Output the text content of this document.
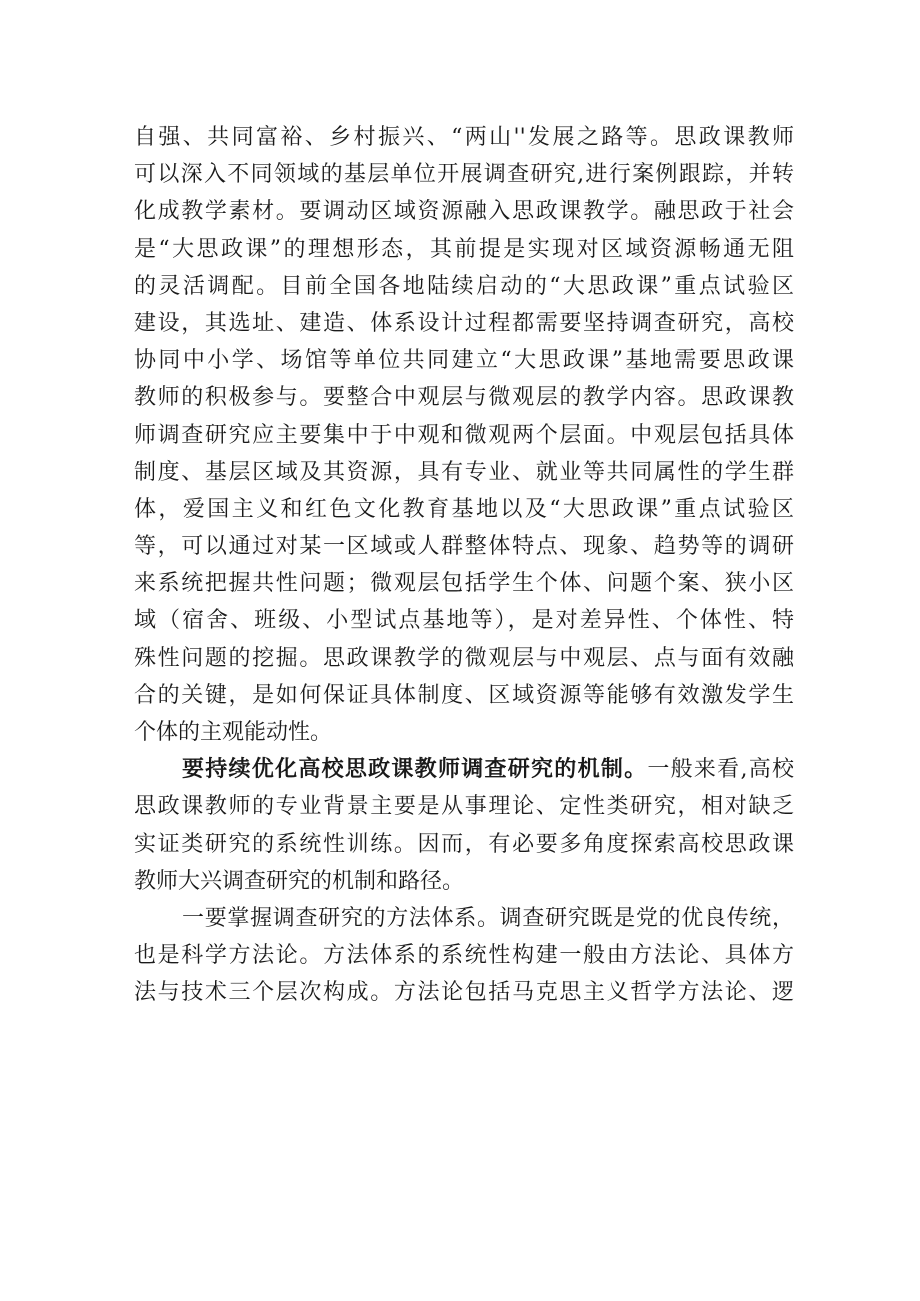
自强、共同富裕、乡村振兴、“两山''发展之路等。思政课教师
可以深入不同领域的基层单位开展调查研究,进行案例跟踪，并转
化成教学素材。要调动区域资源融入思政课教学。融思政于社会
是“大思政课”的理想形态，其前提是实现对区域资源畅通无阻
的灵活调配。目前全国各地陆续启动的“大思政课”重点试验区
建设，其选址、建造、体系设计过程都需要坚持调查研究，高校
协同中小学、场馆等单位共同建立“大思政课”基地需要思政课
教师的积极参与。要整合中观层与微观层的教学内容。思政课教
师调查研究应主要集中于中观和微观两个层面。中观层包括具体
制度、基层区域及其资源，具有专业、就业等共同属性的学生群
体，爱国主义和红色文化教育基地以及“大思政课”重点试验区
等，可以通过对某一区域或人群整体特点、现象、趋势等的调研
来系统把握共性问题；微观层包括学生个体、问题个案、狭小区
域（宿舍、班级、小型试点基地等），是对差异性、个体性、特
殊性问题的挖掘。思政课教学的微观层与中观层、点与面有效融
合的关键，是如何保证具体制度、区域资源等能够有效激发学生
个体的主观能动性。
要持续优化高校思政课教师调查研究的机制。一般来看,高校
思政课教师的专业背景主要是从事理论、定性类研究，相对缺乏
实证类研究的系统性训练。因而，有必要多角度探索高校思政课
教师大兴调查研究的机制和路径。
一要掌握调查研究的方法体系。调查研究既是党的优良传统，
也是科学方法论。方法体系的系统性构建一般由方法论、具体方
法与技术三个层次构成。方法论包括马克思主义哲学方法论、逻
